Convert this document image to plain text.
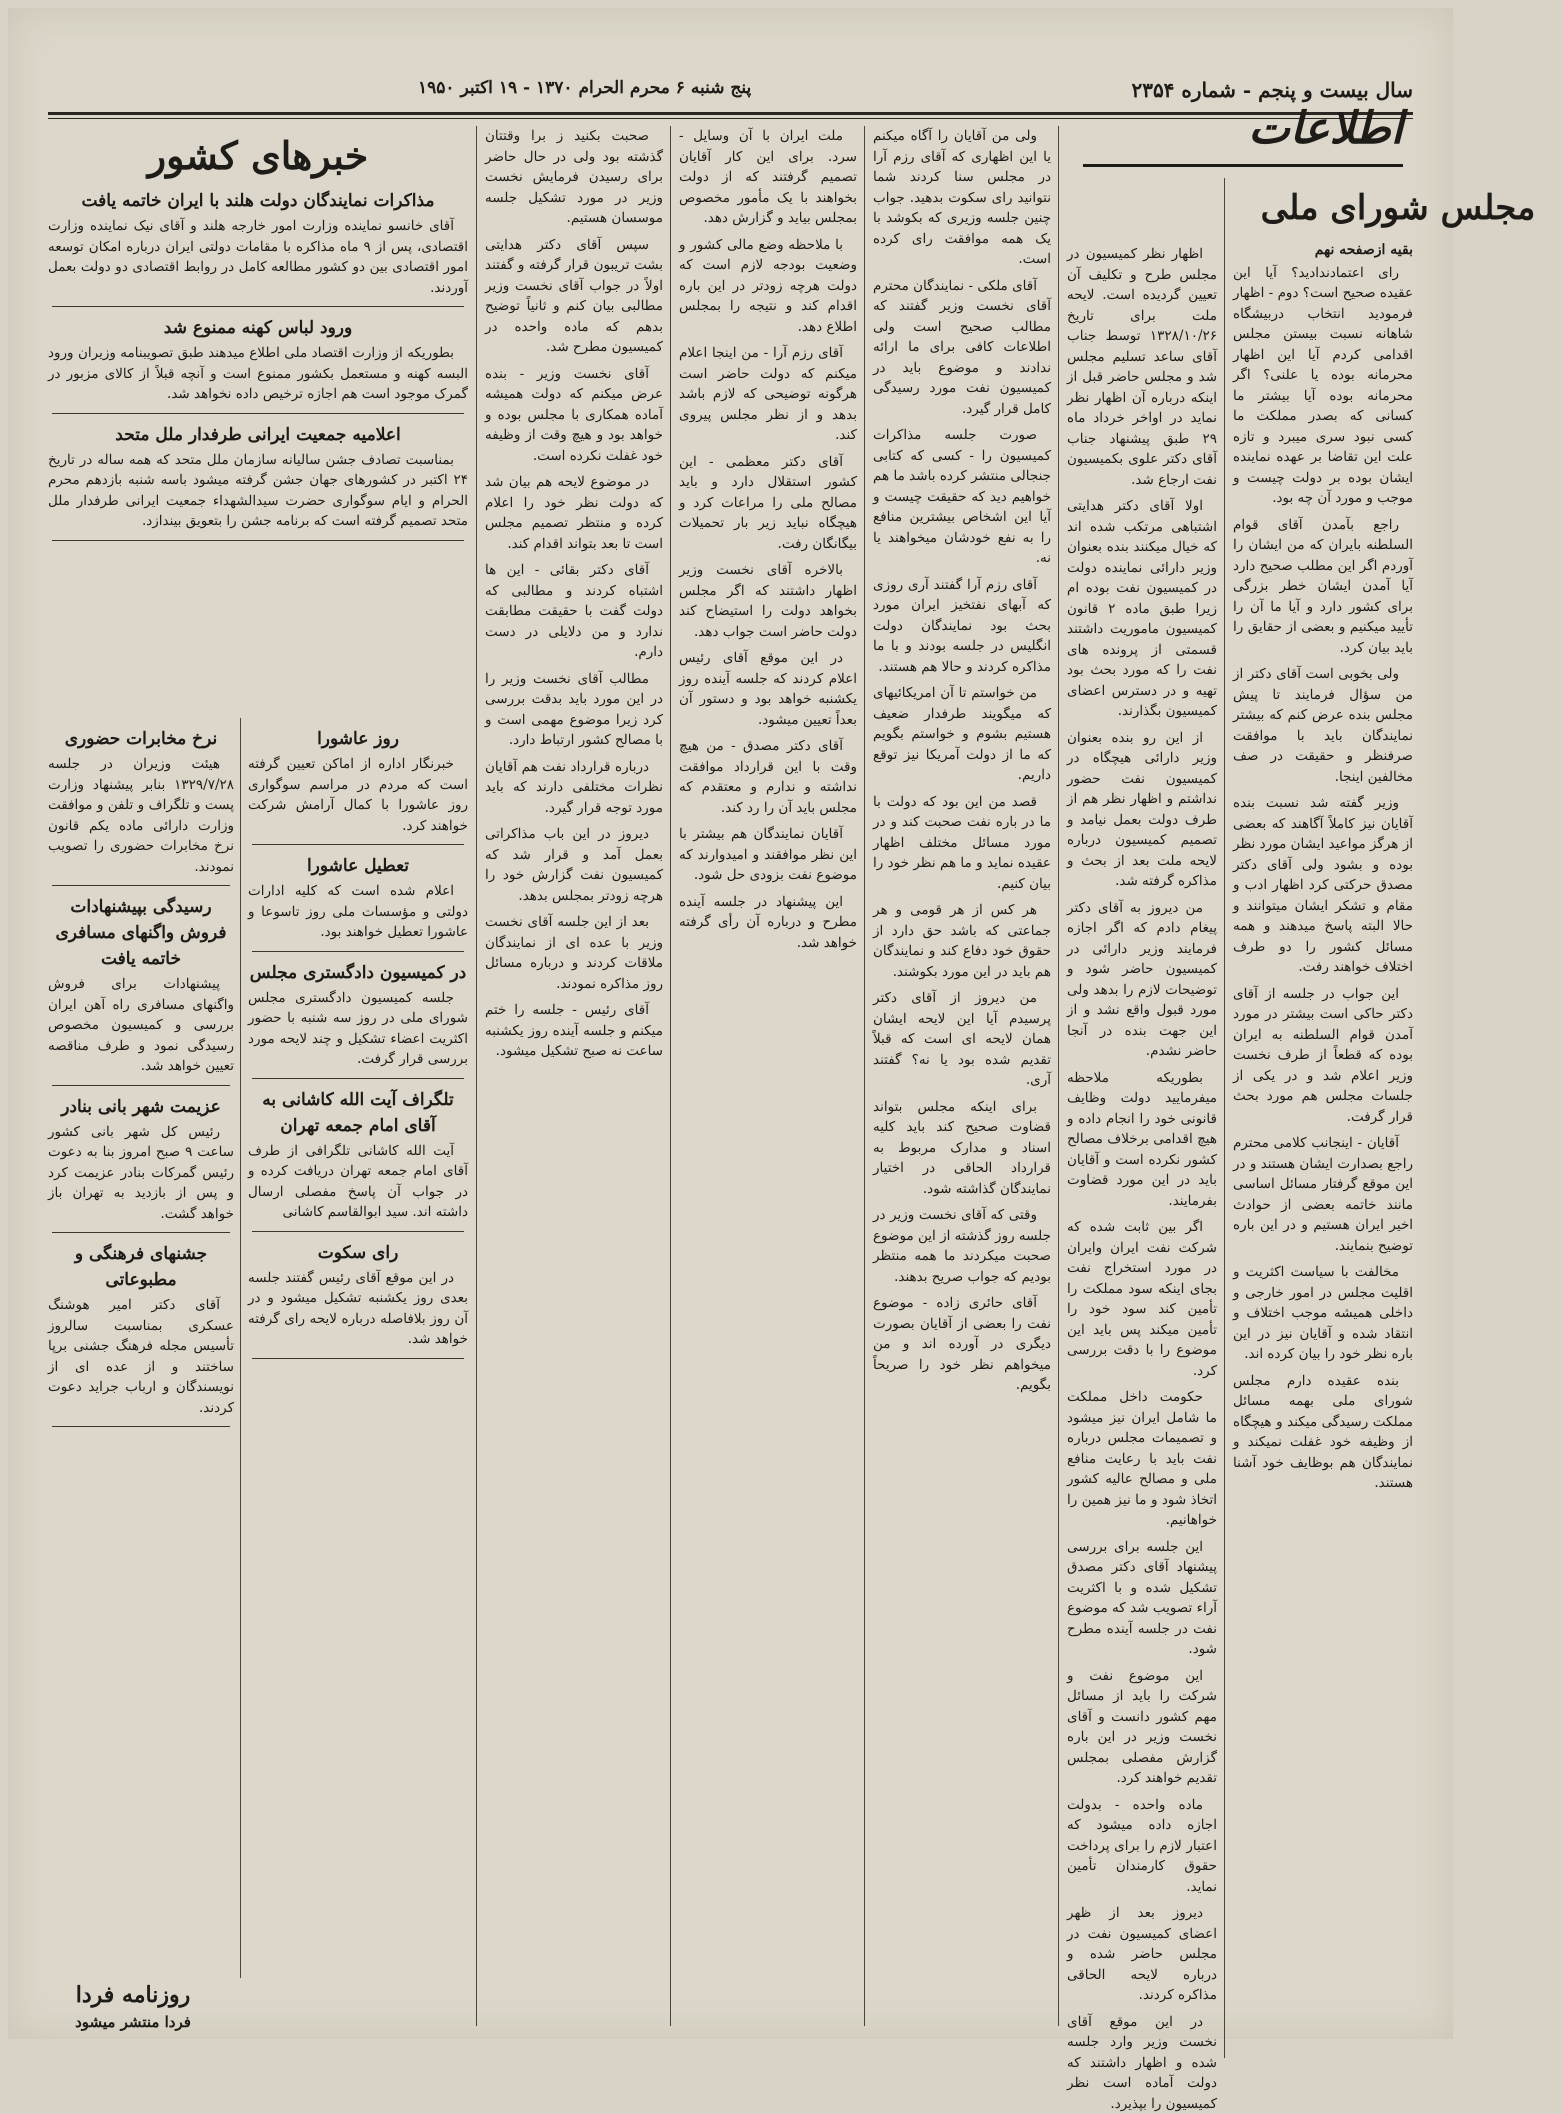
سال بیست و پنجم - شماره ۲۳۵۴
پنج شنبه ۶ محرم الحرام ۱۳۷۰ - ۱۹ اکتبر ۱۹۵۰
اطلاعات
مجلس شورای ملی
بقیه ازصفحه نهم

رای اعتمادندادید؟ آیا این عقیده صحیح است؟ دوم - اظهار فرمودید انتخاب دربیشگاه شاهانه نسبت بیستن مجلس اقدامی کردم آیا این اظهار محرمانه بوده یا علنی؟ اگر محرمانه بوده آیا بیشتر ما کسانی که بصدر مملکت ما کسی نبود سری میبرد و تازه علت این تقاضا بر عهده نماینده ایشان بوده بر دولت چیست و موجب و مورد آن چه بود.

راجع بآمدن آقای قوام السلطنه بایران که من ایشان را آوردم اگر این مطلب صحیح دارد آیا آمدن ایشان خطر بزرگی برای کشور دارد و آیا ما آن را تأیید میکنیم و بعضی از حقایق را باید بیان کرد.

ولی بخوبی است آقای دکتر از من سؤال فرمایند تا پیش مجلس بنده عرض کنم که بیشتر نمایندگان باید با موافقت صرفنظر و حقیقت در صف مخالفین اینجا.

وزیر گفته شد نسبت بنده آقایان نیز کاملاً آگاهند که بعضی از هرگز مواعید ایشان مورد نظر بوده و بشود ولی آقای دکتر مصدق حرکتی کرد اظهار ادب و مقام و تشکر ایشان میتوانند و حالا البته پاسخ میدهند و همه مسائل کشور را دو طرف اختلاف خواهند رفت.

این جواب در جلسه از آقای دکتر حاکی است بیشتر در مورد آمدن قوام السلطنه به ایران بوده که قطعاً از طرف نخست وزیر اعلام شد و در یکی از جلسات مجلس هم مورد بحث قرار گرفت.

آقایان - اینجانب کلامی محترم راجع بصدارت ایشان هستند و در این موقع گرفتار مسائل اساسی مانند خاتمه بعضی از حوادث اخیر ایران هستیم و در این باره توضیح بنمایند.

مخالفت با سیاست اکثریت و اقلیت مجلس در امور خارجی و داخلی همیشه موجب اختلاف و انتقاد شده و آقایان نیز در این باره نظر خود را بیان کرده اند.

بنده عقیده دارم مجلس شورای ملی بهمه مسائل مملکت رسیدگی میکند و هیچگاه از وظیفه خود غفلت نمیکند و نمایندگان هم بوظایف خود آشنا هستند.

اظهار نظر کمیسیون در مجلس طرح و تکلیف آن تعیین گردیده است. لایحه ملت برای تاریخ ۱۳۲۸/۱۰/۲۶ توسط جناب آقای ساعد تسلیم مجلس شد و مجلس حاضر قبل از اینکه درباره آن اظهار نظر نماید در اواخر خرداد ماه ۲۹ طبق پیشنهاد جناب آقای دکتر علوی بکمیسیون نفت ارجاع شد.

اولا آقای دکتر هدایتی اشتباهی مرتکب شده اند که خیال میکنند بنده بعنوان وزیر دارائی نماینده دولت در کمیسیون نفت بوده ام زیرا طبق ماده ۲ قانون کمیسیون ماموریت داشتند قسمتی از پرونده های نفت را که مورد بحث بود تهیه و در دسترس اعضای کمیسیون بگذارند.

از این رو بنده بعنوان وزیر دارائی هیچگاه در کمیسیون نفت حضور نداشتم و اظهار نظر هم از طرف دولت بعمل نیامد و تصمیم کمیسیون درباره لایحه ملت بعد از بحث و مذاکره گرفته شد.

من دیروز به آقای دکتر پیغام دادم که اگر اجازه فرمایند وزیر دارائی در کمیسیون حاضر شود و توضیحات لازم را بدهد ولی مورد قبول واقع نشد و از این جهت بنده در آنجا حاضر نشدم.

بطوریکه ملاحظه میفرمایید دولت وظایف قانونی خود را انجام داده و هیچ اقدامی برخلاف مصالح کشور نکرده است و آقایان باید در این مورد قضاوت بفرمایند.

اگر بین ثابت شده که شرکت نفت ایران وایران در مورد استخراج نفت بجای اینکه سود مملکت را تأمین کند سود خود را تأمین میکند پس باید این موضوع را با دقت بررسی کرد.

حکومت داخل مملکت ما شامل ایران نیز میشود و تصمیمات مجلس درباره نفت باید با رعایت منافع ملی و مصالح عالیه کشور اتخاذ شود و ما نیز همین را خواهانیم.

این جلسه برای بررسی پیشنهاد آقای دکتر مصدق تشکیل شده و با اکثریت آراء تصویب شد که موضوع نفت در جلسه آینده مطرح شود.

این موضوع نفت و شرکت را باید از مسائل مهم کشور دانست و آقای نخست وزیر در این باره گزارش مفصلی بمجلس تقدیم خواهند کرد.

ماده واحده - بدولت اجازه داده میشود که اعتبار لازم را برای پرداخت حقوق کارمندان تأمین نماید.

دیروز بعد از ظهر اعضای کمیسیون نفت در مجلس حاضر شده و درباره لایحه الحاقی مذاکره کردند.

در این موقع آقای نخست وزیر وارد جلسه شده و اظهار داشتند که دولت آماده است نظر کمیسیون را بپذیرد.

ولی من آقایان را آگاه میکنم یا این اظهاری که آقای رزم آرا در مجلس سنا کردند شما نتوانید رای سکوت بدهید. جواب چنین جلسه وزیری که بکوشد با یک همه موافقت رای کرده است.

آقای ملکی - نمایندگان محترم آقای نخست وزیر گفتند که مطالب صحیح است ولی اطلاعات کافی برای ما ارائه ندادند و موضوع باید در کمیسیون نفت مورد رسیدگی کامل قرار گیرد.

صورت جلسه مذاکرات کمیسیون را - کسی که کتابی جنجالی منتشر کرده باشد ما هم خواهیم دید که حقیقت چیست و آیا این اشخاص بیشترین منافع را به نفع خودشان میخواهند یا نه.

آقای رزم آرا گفتند آری روزی که آبهای نفتخیز ایران مورد بحث بود نمایندگان دولت انگلیس در جلسه بودند و با ما مذاکره کردند و حالا هم هستند.

من خواستم تا آن امریکائیهای که میگویند طرفدار ضعیف هستیم بشوم و خواستم بگویم که ما از دولت آمریکا نیز توقع داریم.

قصد من این بود که دولت با ما در باره نفت صحبت کند و در مورد مسائل مختلف اظهار عقیده نماید و ما هم نظر خود را بیان کنیم.

هر کس از هر قومی و هر جماعتی که باشد حق دارد از حقوق خود دفاع کند و نمایندگان هم باید در این مورد بکوشند.

من دیروز از آقای دکتر پرسیدم آیا این لایحه ایشان همان لایحه ای است که قبلاً تقدیم شده بود یا نه؟ گفتند آری.

برای اینکه مجلس بتواند قضاوت صحیح کند باید کلیه اسناد و مدارک مربوط به قرارداد الحاقی در اختیار نمایندگان گذاشته شود.

وقتی که آقای نخست وزیر در جلسه روز گذشته از این موضوع صحبت میکردند ما همه منتظر بودیم که جواب صریح بدهند.

آقای حائری زاده - موضوع نفت را بعضی از آقایان بصورت دیگری در آورده اند و من میخواهم نظر خود را صریحاً بگویم.

ملت ایران با آن وسایل - سرد. برای این کار آقایان تصمیم گرفتند که از دولت بخواهند با یک مأمور مخصوص بمجلس بیاید و گزارش دهد.

با ملاحظه وضع مالی کشور و وضعیت بودجه لازم است که دولت هرچه زودتر در این باره اقدام کند و نتیجه را بمجلس اطلاع دهد.

آقای رزم آرا - من اینجا اعلام میکنم که دولت حاضر است هرگونه توضیحی که لازم باشد بدهد و از نظر مجلس پیروی کند.

آقای دکتر معظمی - این کشور استقلال دارد و باید مصالح ملی را مراعات کرد و هیچگاه نباید زیر بار تحمیلات بیگانگان رفت.

بالاخره آقای نخست وزیر اظهار داشتند که اگر مجلس بخواهد دولت را استیضاح کند دولت حاضر است جواب دهد.

در این موقع آقای رئیس اعلام کردند که جلسه آینده روز یکشنبه خواهد بود و دستور آن بعداً تعیین میشود.

آقای دکتر مصدق - من هیچ وقت با این قرارداد موافقت نداشته و ندارم و معتقدم که مجلس باید آن را رد کند.

آقایان نمایندگان هم بیشتر با این نظر موافقند و امیدوارند که موضوع نفت بزودی حل شود.

این پیشنهاد در جلسه آینده مطرح و درباره آن رأی گرفته خواهد شد.

صحبت بکنید ز برا وقتتان گذشته بود ولی در حال حاضر برای رسیدن فرمایش نخست وزیر در مورد تشکیل جلسه موسسان هستیم.

سپس آقای دکتر هدایتی بشت تریبون قرار گرفته و گفتند اولاً در جواب آقای نخست وزیر مطالبی بیان کنم و ثانیاً توضیح بدهم که ماده واحده در کمیسیون مطرح شد.

آقای نخست وزیر - بنده عرض میکنم که دولت همیشه آماده همکاری با مجلس بوده و خواهد بود و هیچ وقت از وظیفه خود غفلت نکرده است.

در موضوع لایحه هم بیان شد که دولت نظر خود را اعلام کرده و منتظر تصمیم مجلس است تا بعد بتواند اقدام کند.

آقای دکتر بقائی - این ها اشتباه کردند و مطالبی که دولت گفت با حقیقت مطابقت ندارد و من دلایلی در دست دارم.

مطالب آقای نخست وزیر را در این مورد باید بدقت بررسی کرد زیرا موضوع مهمی است و با مصالح کشور ارتباط دارد.

درباره قرارداد نفت هم آقایان نظرات مختلفی دارند که باید مورد توجه قرار گیرد.

دیروز در این باب مذاکراتی بعمل آمد و قرار شد که کمیسیون نفت گزارش خود را هرچه زودتر بمجلس بدهد.

بعد از این جلسه آقای نخست وزیر با عده ای از نمایندگان ملاقات کردند و درباره مسائل روز مذاکره نمودند.

آقای رئیس - جلسه را ختم میکنم و جلسه آینده روز یکشنبه ساعت نه صبح تشکیل میشود.

خبرهای کشور
مذاکرات نمایندگان دولت هلند با ایران خاتمه یافت

آقای خانسو نماینده وزارت امور خارجه هلند و آقای نیک نماینده وزارت اقتصادی، پس از ۹ ماه مذاکره با مقامات دولتی ایران درباره امکان توسعه امور اقتصادی بین دو کشور مطالعه کامل در روابط اقتصادی دو دولت بعمل آوردند.

ورود لباس کهنه ممنوع شد

بطوریکه از وزارت اقتصاد ملی اطلاع میدهند طبق تصویبنامه وزیران ورود البسه کهنه و مستعمل بکشور ممنوع است و آنچه قبلاً از کالای مزبور در گمرک موجود است هم اجازه ترخیص داده نخواهد شد.

اعلامیه جمعیت ایرانی طرفدار ملل متحد

بمناسبت تصادف جشن سالیانه سازمان ملل متحد که همه ساله در تاریخ ۲۴ اکتبر در کشورهای جهان جشن گرفته میشود باسه شنبه بازدهم محرم الحرام و ایام سوگواری حضرت سیدالشهداء جمعیت ایرانی طرفدار ملل متحد تصمیم گرفته است که برنامه جشن را بتعویق بیندازد.

نرخ مخابرات حضوری

هیئت وزیران در جلسه ۱۳۲۹/۷/۲۸ بنابر پیشنهاد وزارت پست و تلگراف و تلفن و موافقت وزارت دارائی ماده یکم قانون نرخ مخابرات حضوری را تصویب نمودند.

رسیدگی بپیشنهادات فروش واگنهای مسافری خاتمه یافت

پیشنهادات برای فروش واگنهای مسافری راه آهن ایران بررسی و کمیسیون مخصوص رسیدگی نمود و طرف مناقصه تعیین خواهد شد.

عزیمت شهر بانی بنادر

رئیس کل شهر بانی کشور ساعت ۹ صبح امروز بنا به دعوت رئیس گمرکات بنادر عزیمت کرد و پس از بازدید به تهران باز خواهد گشت.

جشنهای فرهنگی و مطبوعاتی

آقای دکتر امیر هوشنگ عسکری بمناسبت سالروز تأسیس مجله فرهنگ جشنی برپا ساختند و از عده ای از نویسندگان و ارباب جراید دعوت کردند.

روز عاشورا

خبرنگار اداره از اماکن تعیین گرفته است که مردم در مراسم سوگواری روز عاشورا با کمال آرامش شرکت خواهند کرد.

تعطیل عاشورا

اعلام شده است که کلیه ادارات دولتی و مؤسسات ملی روز تاسوعا و عاشورا تعطیل خواهند بود.

در کمیسیون دادگستری مجلس

جلسه کمیسیون دادگستری مجلس شورای ملی در روز سه شنبه با حضور اکثریت اعضاء تشکیل و چند لایحه مورد بررسی قرار گرفت.

تلگراف آیت الله کاشانی به آقای امام جمعه تهران

آیت الله کاشانی تلگرافی از طرف آقای امام جمعه تهران دریافت کرده و در جواب آن پاسخ مفصلی ارسال داشته اند. سید ابوالقاسم کاشانی

رای سکوت

در این موقع آقای رئیس گفتند جلسه بعدی روز یکشنبه تشکیل میشود و در آن روز بلافاصله درباره لایحه رای گرفته خواهد شد.

روزنامه فردا
فردا منتشر میشود
